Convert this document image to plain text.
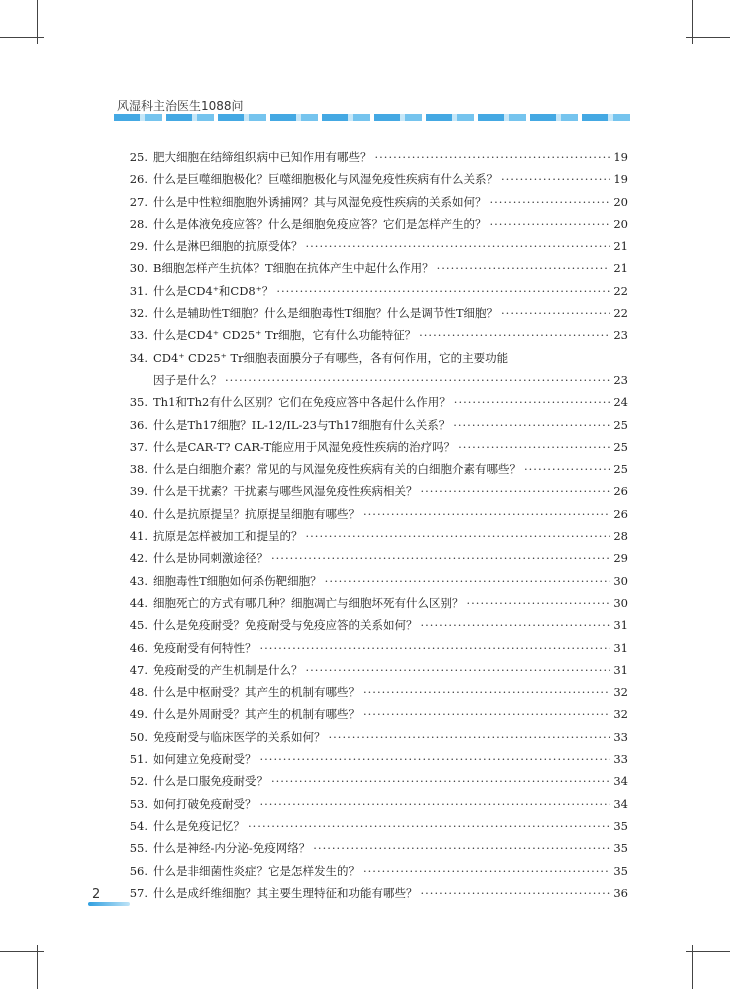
风湿科主治医生1088问
25. 肥大细胞在结缔组织病中已知作用有哪些？ ·····	19
26. 什么是巨噬细胞极化？巨噬细胞极化与风湿免疫性疾病有什么关系？ ·····	19
27. 什么是中性粒细胞胞外诱捕网？其与风湿免疫性疾病的关系如何？ ·····	20
28. 什么是体液免疫应答？什么是细胞免疫应答？它们是怎样产生的？ ·····	20
29. 什么是淋巴细胞的抗原受体？ ·····	21
30. B细胞怎样产生抗体？T细胞在抗体产生中起什么作用？ ·····	21
31. 什么是CD4⁺和CD8⁺？ ·····	22
32. 什么是辅助性T细胞？什么是细胞毒性T细胞？什么是调节性T细胞？ ·····	22
33. 什么是CD4⁺ CD25⁺ Tr细胞，它有什么功能特征？ ·····	23
34. CD4⁺ CD25⁺ Tr细胞表面膜分子有哪些，各有何作用，它的主要功能
因子是什么？ ·····	23
35. Th1和Th2有什么区别？它们在免疫应答中各起什么作用？ ·····	24
36. 什么是Th17细胞？IL-12/IL-23与Th17细胞有什么关系？ ·····	25
37. 什么是CAR-T? CAR-T能应用于风湿免疫性疾病的治疗吗？ ·····	25
38. 什么是白细胞介素？常见的与风湿免疫性疾病有关的白细胞介素有哪些？ ·····	25
39. 什么是干扰素？干扰素与哪些风湿免疫性疾病相关？ ·····	26
40. 什么是抗原提呈？抗原提呈细胞有哪些？ ·····	26
41. 抗原是怎样被加工和提呈的？ ·····	28
42. 什么是协同刺激途径？ ·····	29
43. 细胞毒性T细胞如何杀伤靶细胞？ ·····	30
44. 细胞死亡的方式有哪几种？细胞凋亡与细胞坏死有什么区别？ ·····	30
45. 什么是免疫耐受？免疫耐受与免疫应答的关系如何？ ·····	31
46. 免疫耐受有何特性？ ·····	31
47. 免疫耐受的产生机制是什么？ ·····	31
48. 什么是中枢耐受？其产生的机制有哪些？ ·····	32
49. 什么是外周耐受？其产生的机制有哪些？ ·····	32
50. 免疫耐受与临床医学的关系如何？ ·····	33
51. 如何建立免疫耐受？ ·····	33
52. 什么是口服免疫耐受？ ·····	34
53. 如何打破免疫耐受？ ·····	34
54. 什么是免疫记忆？ ·····	35
55. 什么是神经-内分泌-免疫网络？ ·····	35
56. 什么是非细菌性炎症？它是怎样发生的？ ·····	35
57. 什么是成纤维细胞？其主要生理特征和功能有哪些？ ·····	36
2
